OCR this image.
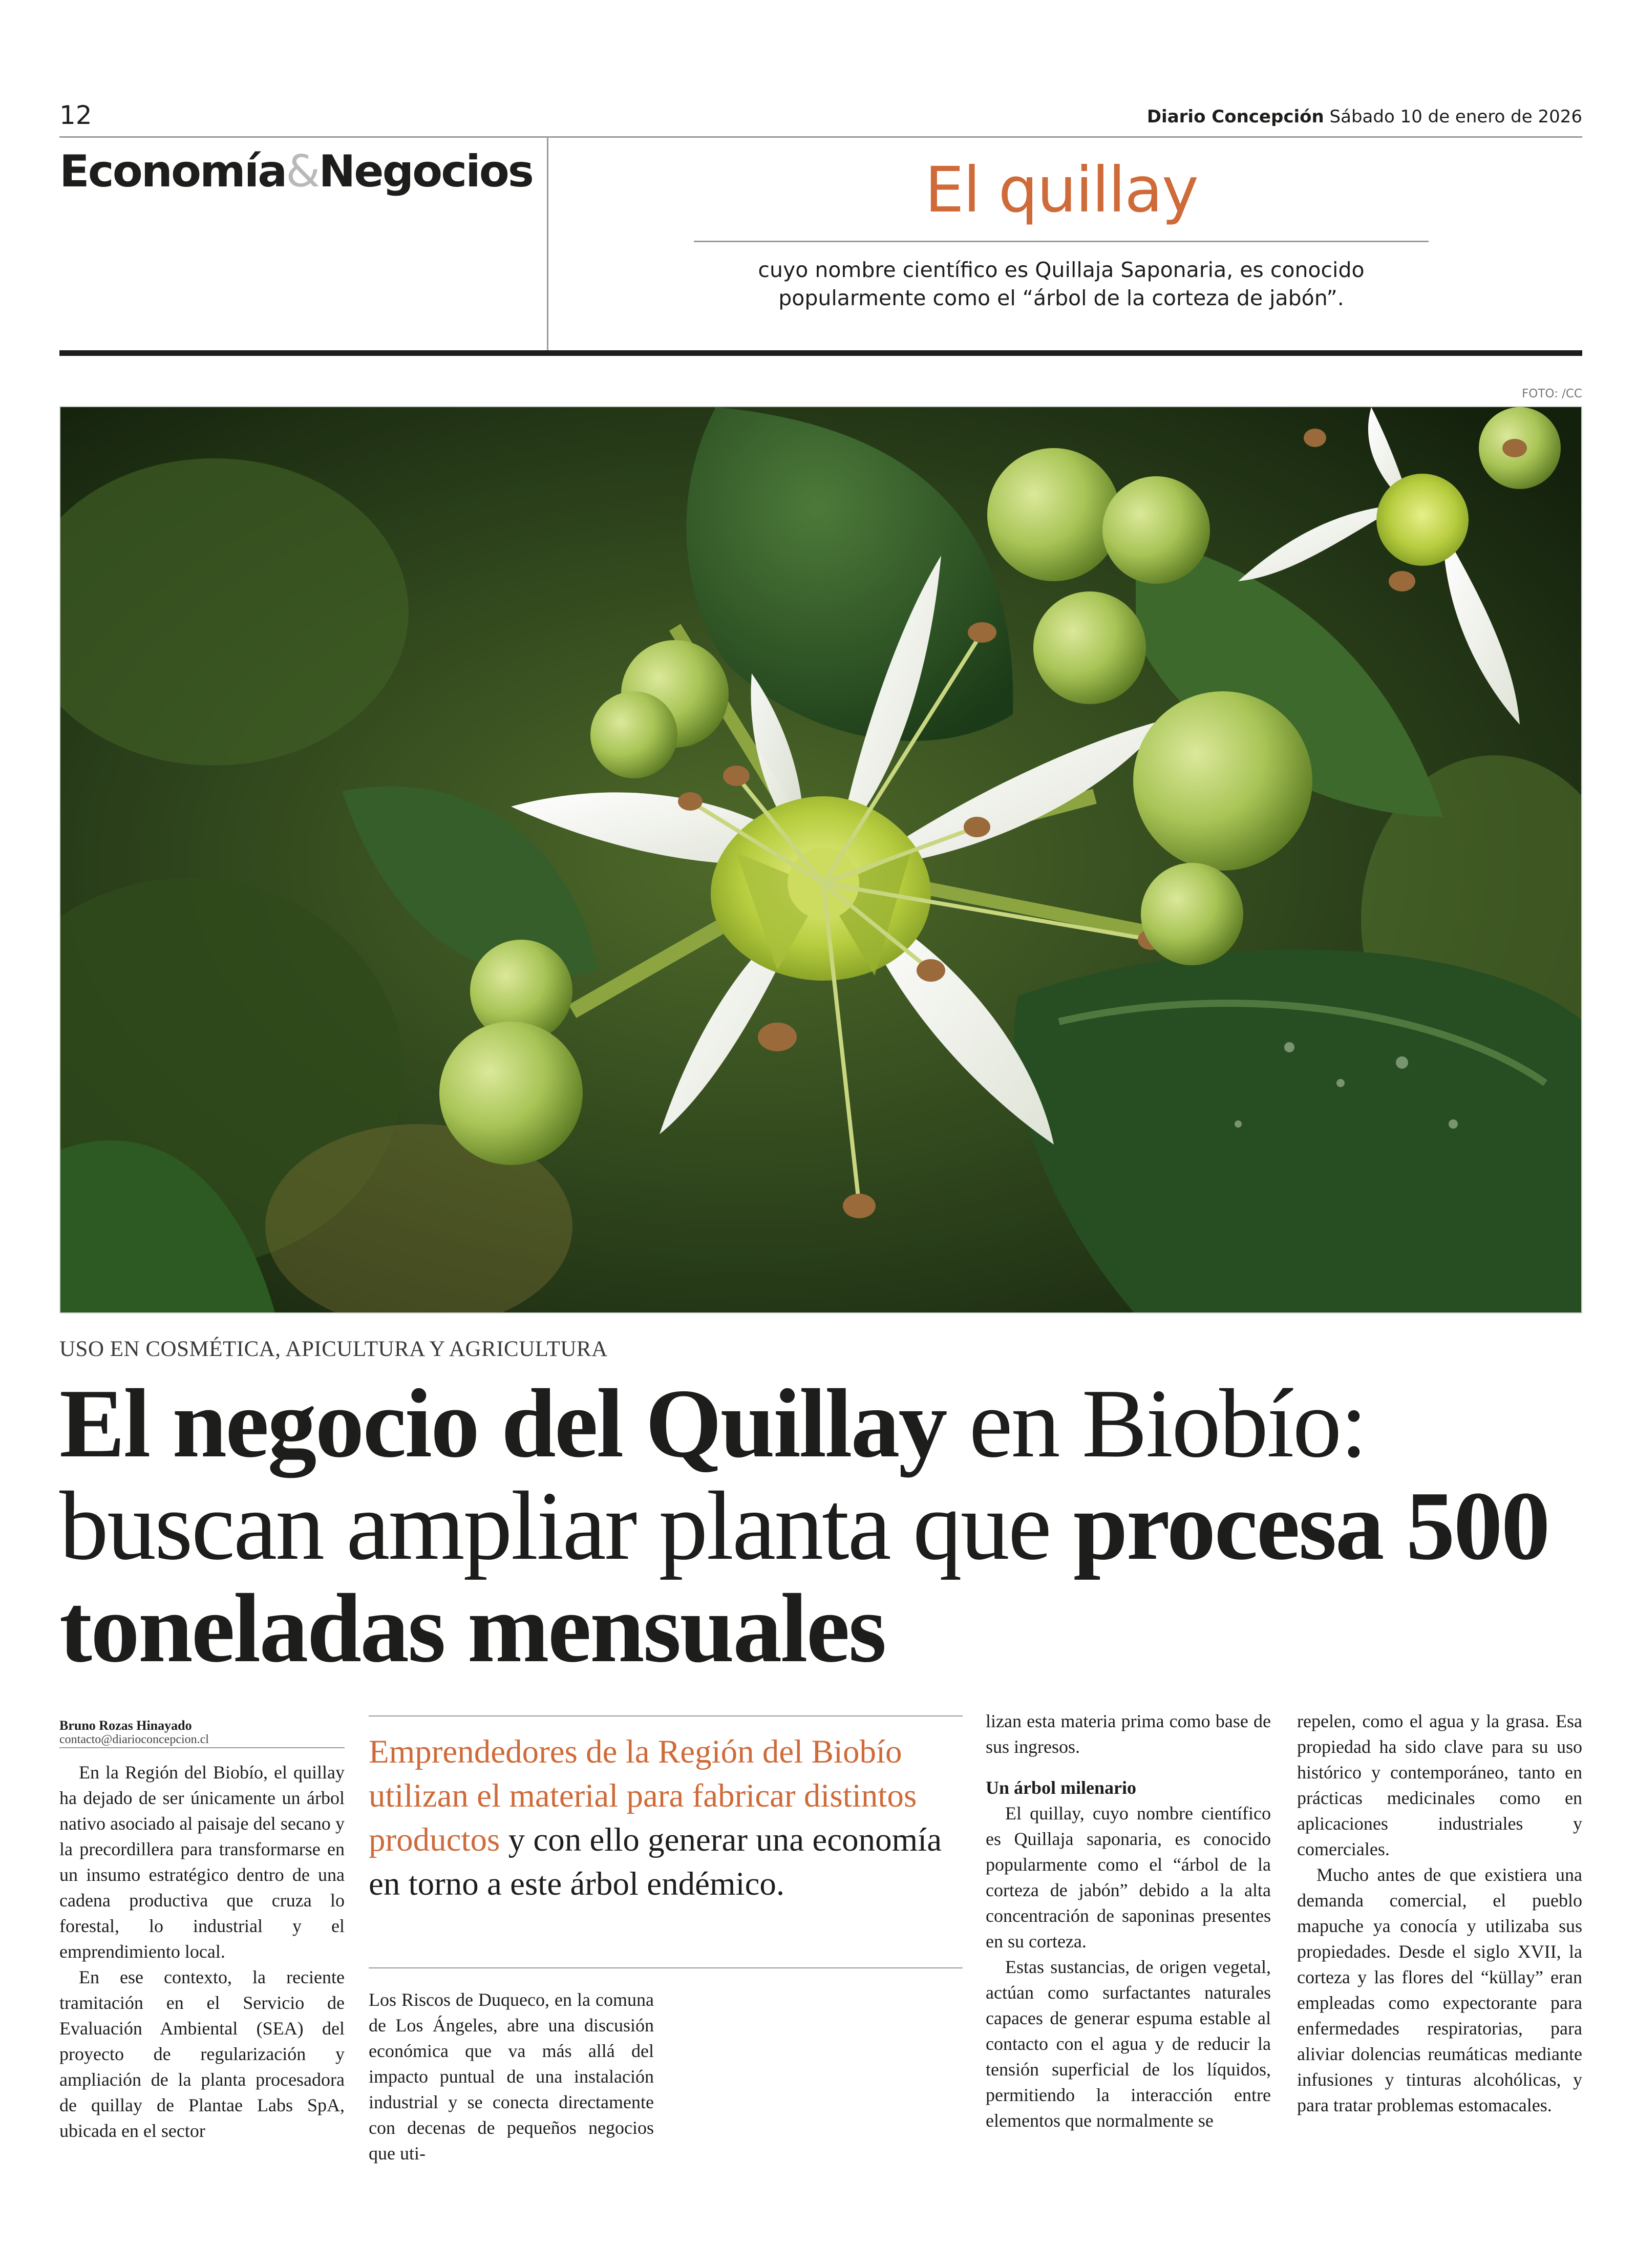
12	Diario Concepción Sábado 10 de enero de 2026
Economía&Negocios	El quillay
cuyo nombre científico es Quillaja Saponaria, es conocido popularmente como el “árbol de la corteza de jabón”.
FOTO: /CC
USO EN COSMÉTICA, APICULTURA Y AGRICULTURA
El negocio del Quillay en Biobío: buscan ampliar planta que procesa 500 toneladas mensuales
Bruno Rozas Hinayado
contacto@diarioconcepcion.cl	Emprendedores de la Región del Biobío utilizan el material para fabricar distintos productos y con ello generar una economía en torno a este árbol endémico.

En la Región del Biobío, el quillay ha dejado de ser únicamente un árbol nativo asociado al paisaje del secano y la precordillera para transformarse en un insumo estratégico dentro de una cadena productiva que cruza lo forestal, lo industrial y el emprendimiento local.

En ese contexto, la reciente tramitación en el Servicio de Evaluación Ambiental (SEA) del proyecto de regularización y ampliación de la planta procesadora de quillay de Plantae Labs SpA, ubicada en el sector

Los Riscos de Duqueco, en la comuna de Los Ángeles, abre una discusión económica que va más allá del impacto puntual de una instalación industrial y se conecta directamente con decenas de pequeños negocios que uti-

lizan esta materia prima como base de sus ingresos.

Un árbol milenario

El quillay, cuyo nombre científico es Quillaja saponaria, es conocido popularmente como el “árbol de la corteza de jabón” debido a la alta concentración de saponinas presentes en su corteza.

Estas sustancias, de origen vegetal, actúan como surfactantes naturales capaces de generar espuma estable al contacto con el agua y de reducir la tensión superficial de los líquidos, permitiendo la interacción entre elementos que normalmente se

repelen, como el agua y la grasa. Esa propiedad ha sido clave para su uso histórico y contemporáneo, tanto en prácticas medicinales como en aplicaciones industriales y comerciales.

Mucho antes de que existiera una demanda comercial, el pueblo mapuche ya conocía y utilizaba sus propiedades. Desde el siglo XVII, la corteza y las flores del “küllay” eran empleadas como expectorante para enfermedades respiratorias, para aliviar dolencias reumáticas mediante infusiones y tinturas alcohólicas, y para tratar problemas estomacales.
